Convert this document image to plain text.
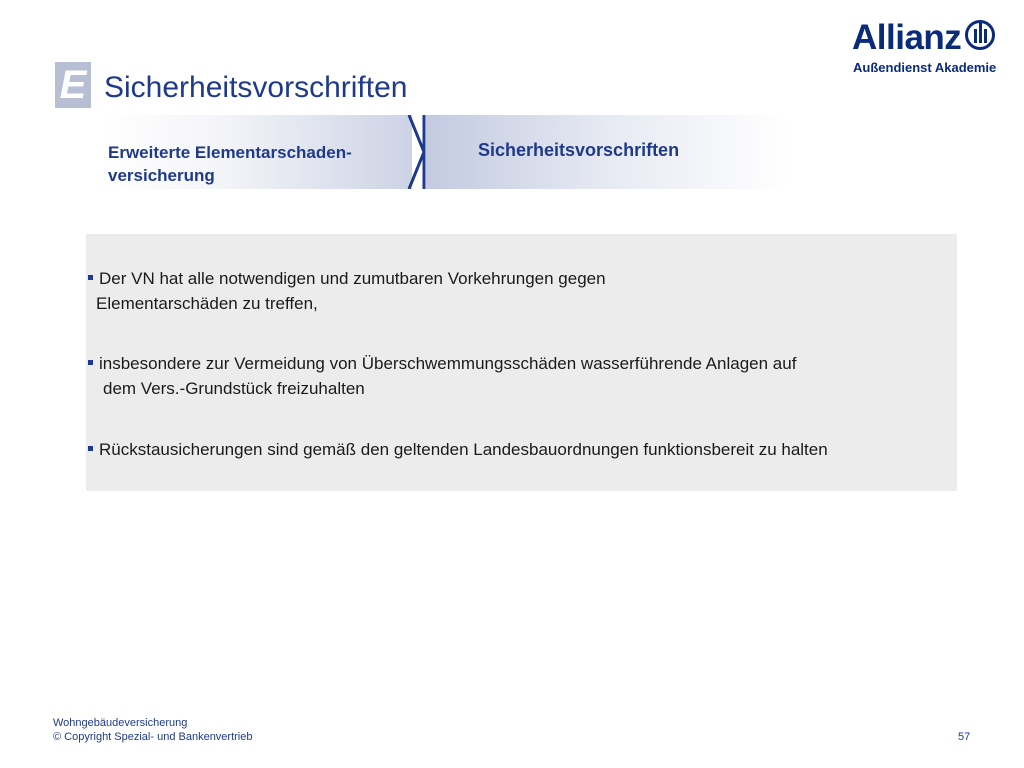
E Sicherheitsvorschriften
Allianz
Außendienst Akademie
Erweiterte Elementarschaden-
versicherung
Sicherheitsvorschriften
Der VN hat alle notwendigen und zumutbaren Vorkehrungen gegen
Elementarschäden zu treffen,
insbesondere zur Vermeidung von Überschwemmungsschäden wasserführende Anlagen auf
dem Vers.-Grundstück freizuhalten
Rückstausicherungen sind gemäß den geltenden Landesbauordnungen funktionsbereit zu halten
Wohngebäudeversicherung
© Copyright Spezial- und Bankenvertrieb	57
